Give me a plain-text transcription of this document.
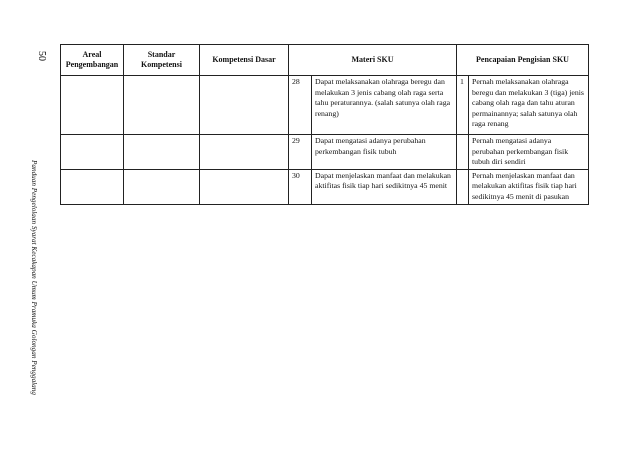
50
Panduan Pengelolaan Syarat Kecakapan Umum Pramuka Golongan Penggalang
Areal Pengembangan	Standar Kompetensi	Kompetensi Dasar	Materi SKU		Pencapaian Pengisian SKU	
			28	Dapat melaksanakan olahraga beregu dan melakukan 3 jenis cabang olah raga serta tahu peraturannya. (salah satunya olah raga renang)	1	Pernah melaksanakan olahraga beregu dan melakukan 3 (tiga) jenis cabang olah raga dan tahu aturan permainannya; salah satunya olah raga renang
			29	Dapat mengatasi adanya perubahan perkembangan fisik tubuh		Pernah mengatasi adanya perubahan perkembangan fisik tubuh diri sendiri
			30	Dapat menjelaskan manfaat dan melakukan aktifitas fisik tiap hari sedikitnya 45 menit		Pernah menjelaskan manfaat dan melakukan aktifitas fisik tiap hari sedikitnya 45 menit di pasukan
